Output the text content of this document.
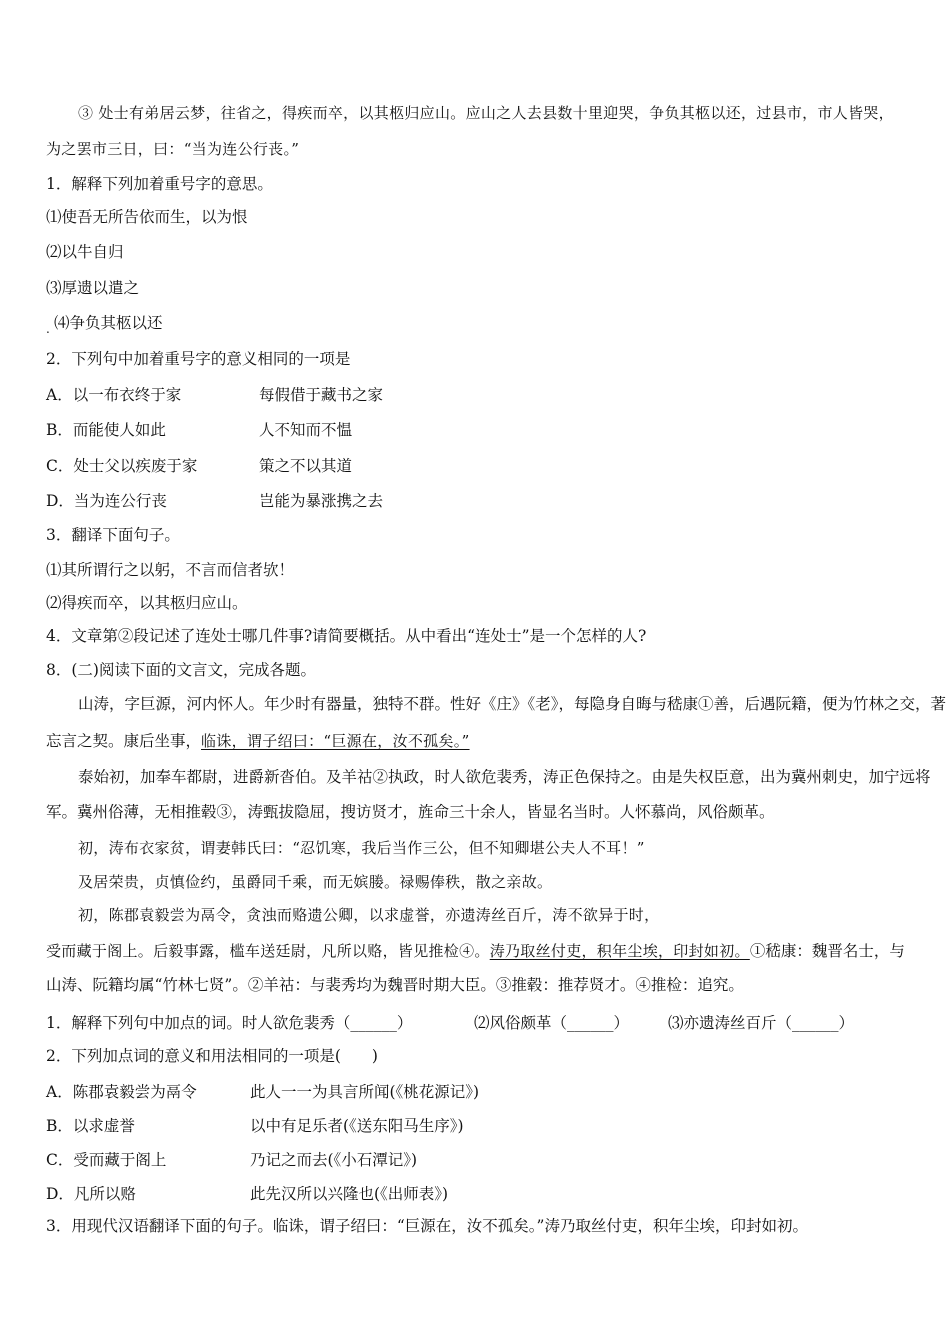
③ 处士有弟居云梦，往省之，得疾而卒，以其柩归应山。应山之人去县数十里迎哭，争负其柩以还，过县市，市人皆哭，
为之罢市三日，曰：“当为连公行丧。”
1．解释下列加着重号字的意思。
⑴使吾无所告依而生，以为恨
⑵以牛自归
⑶厚遗以遣之
. ⑷争负其柩以还
2．下列句中加着重号字的意义相同的一项是
A．以一布衣终于家	每假借于藏书之家
B．而能使人如此	人不知而不愠
C．处士父以疾废于家	策之不以其道
D．当为连公行丧	岂能为暴涨携之去
3．翻译下面句子。
⑴其所谓行之以躬，不言而信者欤！
⑵得疾而卒，以其柩归应山。
4．文章第②段记述了连处士哪几件事?请简要概括。从中看出“连处士”是一个怎样的人?
8．(二)阅读下面的文言文，完成各题。
山涛，字巨源，河内怀人。年少时有器量，独特不群。性好《庄》《老》，每隐身自晦与嵇康①善，后遇阮籍，便为竹林之交，著
忘言之契。康后坐事，临诛，谓子绍曰：“巨源在，汝不孤矣。”
泰始初，加奉车都尉，进爵新沓伯。及羊祜②执政，时人欲危裴秀，涛正色保持之。由是失权臣意，出为冀州刺史，加宁远将
军。冀州俗薄，无相推毂③，涛甄拔隐屈，搜访贤才，旌命三十余人，皆显名当时。人怀慕尚，风俗颇革。
初，涛布衣家贫，谓妻韩氏曰：“忍饥寒，我后当作三公，但不知卿堪公夫人不耳！”
及居荣贵，贞慎俭约，虽爵同千乘，而无嫔媵。禄赐俸秩，散之亲故。
初，陈郡袁毅尝为鬲令，贪浊而赂遗公卿，以求虚誉，亦遗涛丝百斤，涛不欲异于时，
受而藏于阁上。后毅事露，槛车送廷尉，凡所以赂，皆见推检④。涛乃取丝付吏，积年尘埃，印封如初。①嵇康：魏晋名士，与
山涛、阮籍均属“竹林七贤”。②羊祜：与裴秀均为魏晋时期大臣。③推毂：推荐贤才。④推检：追究。
1．解释下列句中加点的词。时人欲危裴秀（______）	⑵风俗颇革（______）	⑶亦遗涛丝百斤（______）
2．下列加点词的意义和用法相同的一项是(　　)
A．陈郡袁毅尝为鬲令	此人一一为具言所闻(《桃花源记》)
B．以求虚誉	以中有足乐者(《送东阳马生序》)
C．受而藏于阁上	乃记之而去(《小石潭记》)
D．凡所以赂	此先汉所以兴隆也(《出师表》)
3．用现代汉语翻译下面的句子。临诛，谓子绍曰：“巨源在，汝不孤矣。”涛乃取丝付吏，积年尘埃，印封如初。
